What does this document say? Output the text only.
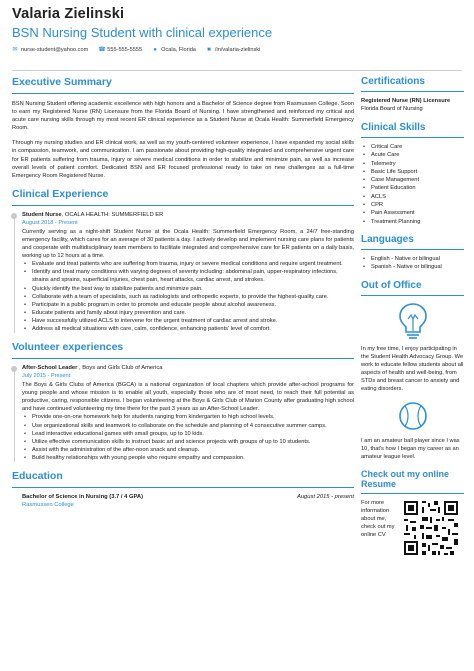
Valaria Zielinski
BSN Nursing Student with clinical experience
✉ nurse-student@yahoo.com ☎ 555-555-5555 ● Ocala, Florida ■ /in/valaria-zielinski
Executive Summary

BSN Nursing Student offering academic excellence with high honors and a Bachelor of Science degree from Rasmussen College. Soon to earn my Registered Nurse (RN) Licensure from the Florida Board of Nursing. I have strengthened and reinforced my critical and acute care nursing skills through my most recent ER clinical experience as a Student Nurse at Ocala Health: Summerfield Emergency Room.

Through my nursing studies and ER clinical work, as well as my youth-centered volunteer experience, I have expanded my social skills in compassion, teamwork, and communication. I am passionate about providing high-quality integrated and comprehensive urgent care for ER patients suffering from trauma, injury or severe medical conditions in order to stabilize and minimize pain, as well as increase overall levels of patient comfort. Dedicated BSN and ER focused professional ready to take on new challenges as a full-time Emergency Room Registered Nurse.

Clinical Experience
Student Nurse, OCALA HEALTH: SUMMERFIELD ER
August 2018 - Present

Currently serving as a night-shift Student Nurse at the Ocala Health: Summerfield Emergency Room, a 24/7 free-standing emergency facility, which cares for an average of 30 patients a day. I actively develop and implement nursing care plans for patients and cooperate with multidisciplinary team members to facilitate integrated and comprehensive care for ER patients on a daily basis, working up to 12 hours at a time.

• Evaluate and treat patients who are suffering from trauma, injury or severe medical conditions and require urgent treatment.
• Identify and treat many conditions with varying degrees of severity including: abdominal pain, upper-respiratory infections, strains and sprains, superficial injuries, chest pain, heart attacks, cardiac arrest, and strokes.
• Quickly identify the best way to stabilize patients and minimize pain.
• Collaborate with a team of specialists, such as radiologists and orthopedic experts, to provide the highest-quality care.
• Participate in a public program in order to promote and educate people about alcohol awareness.
• Educate patients and family about injury prevention and care.
• Have successfully utilized ACLS to intervene for the urgent treatment of cardiac arrest and stroke.
• Address all medical situations with care, calm, confidence, enhancing patients' level of comfort.
Volunteer experiences
After-School Leader , Boys and Girls Club of America
July 2015 - Present

The Boys & Girls Clubs of America (BGCA) is a national organization of local chapters which provide after-school programs for young people and whose mission is to enable all youth, especially those who are of most need, to reach their full potential as productive, caring, responsible citizens. I began volunteering at the Boys & Girls Club of Marion County after graduating high school and have continued volunteering my time there for the past 3 years as an After-School Leader.

• Provide one-on-one homework help for students ranging from kindergarten to high school levels.
• Use organizational skills and teamwork to collaborate on the schedule and planning of 4 consecutive summer camps.
• Lead interactive educational games with small groups, up to 10 kids.
• Utilize effective communication skills to instruct basic art and science projects with groups of up to 10 students.
• Assist with the administration of the after-noon snack and cleanup.
• Build healthy relationships with young people who require empathy and compassion.
Education
Bachelor of Science in Nursing (3.7 / 4 GPA)	August 2015 - present
Rasmussen College
Certifications
Registered Nurse (RN) Licensure
Florida Board of Nursing
Clinical Skills
• Critical Care
• Acute Care
• Telemetry
• Basic Life Support
• Case Management
• Patient Education
• ACLS
• CPR
• Pain Assessment
• Treatment Planning
Languages
• English - Native or bilingual
• Spanish - Native or bilingual
Out of Office
In my free time, I enjoy participating in the Student Health Advocacy Group. We work to educate fellow students about all aspects of health and well-being, from STDs and breast cancer to anxiety and eating disorders.
I am an amateur ball player since I was 10, that's how I began my career as an amateur league level.
Check out my online Resume
For more information about me, check out my online CV
